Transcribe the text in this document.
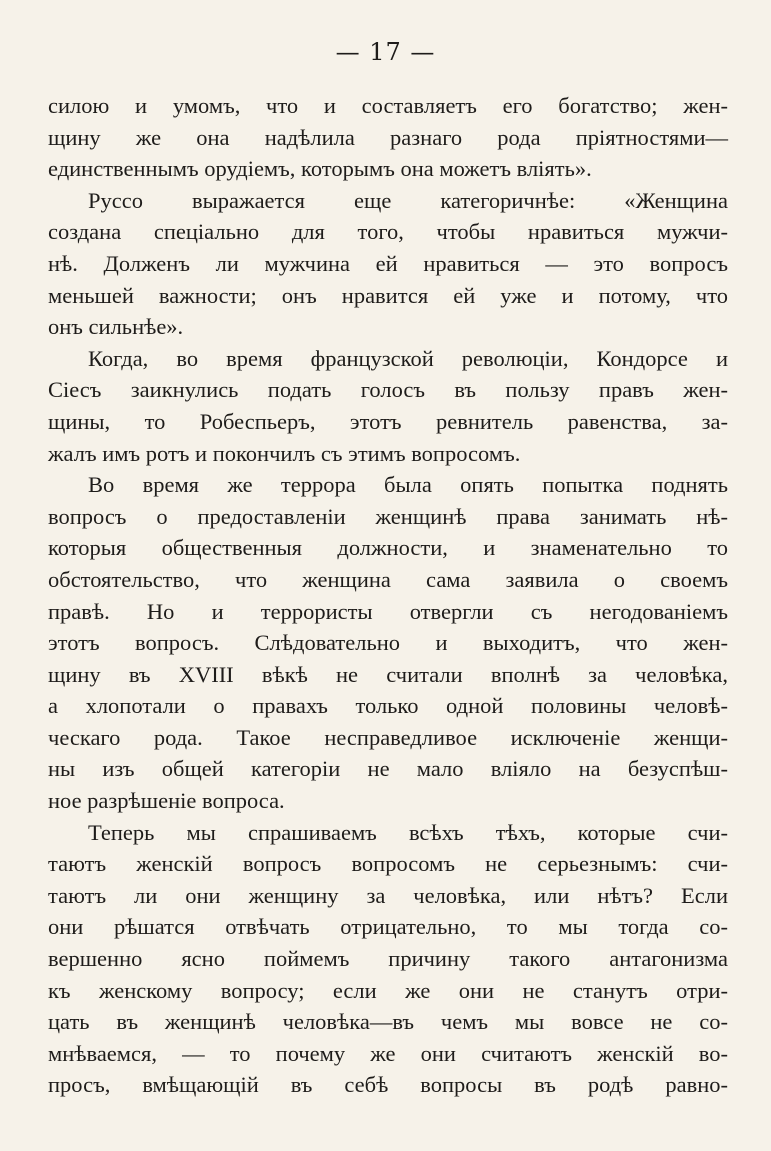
— 17 —
силою и умомъ, что и составляетъ его богатство; жен-
щину же она надѣлила разнаго рода пріятностями—
единственнымъ орудіемъ, которымъ она можетъ вліять».
Руссо выражается еще категоричнѣе: «Женщина
создана спеціально для того, чтобы нравиться мужчи-
нѣ. Долженъ ли мужчина ей нравиться — это вопросъ
меньшей важности; онъ нравится ей уже и потому, что
онъ сильнѣе».
Когда, во время французской революціи, Кондорсе и
Сіесъ заикнулись подать голосъ въ пользу правъ жен-
щины, то Робеспьеръ, этотъ ревнитель равенства, за-
жалъ имъ ротъ и покончилъ съ этимъ вопросомъ.
Во время же террора была опять попытка поднять
вопросъ о предоставленіи женщинѣ права занимать нѣ-
которыя общественныя должности, и знаменательно то
обстоятельство, что женщина сама заявила о своемъ
правѣ. Но и террористы отвергли съ негодованіемъ
этотъ вопросъ. Слѣдовательно и выходитъ, что жен-
щину въ XVIII вѣкѣ не считали вполнѣ за человѣка,
а хлопотали о правахъ только одной половины человѣ-
ческаго рода. Такое несправедливое исключеніе женщи-
ны изъ общей категоріи не мало вліяло на безуспѣш-
ное разрѣшеніе вопроса.
Теперь мы спрашиваемъ всѣхъ тѣхъ, которые счи-
таютъ женскій вопросъ вопросомъ не серьезнымъ: счи-
таютъ ли они женщину за человѣка, или нѣтъ? Если
они рѣшатся отвѣчать отрицательно, то мы тогда со-
вершенно ясно поймемъ причину такого антагонизма
къ женскому вопросу; если же они не станутъ отри-
цать въ женщинѣ человѣка—въ чемъ мы вовсе не со-
мнѣваемся, — то почему же они считаютъ женскій во-
просъ, вмѣщающій въ себѣ вопросы въ родѣ равно-
